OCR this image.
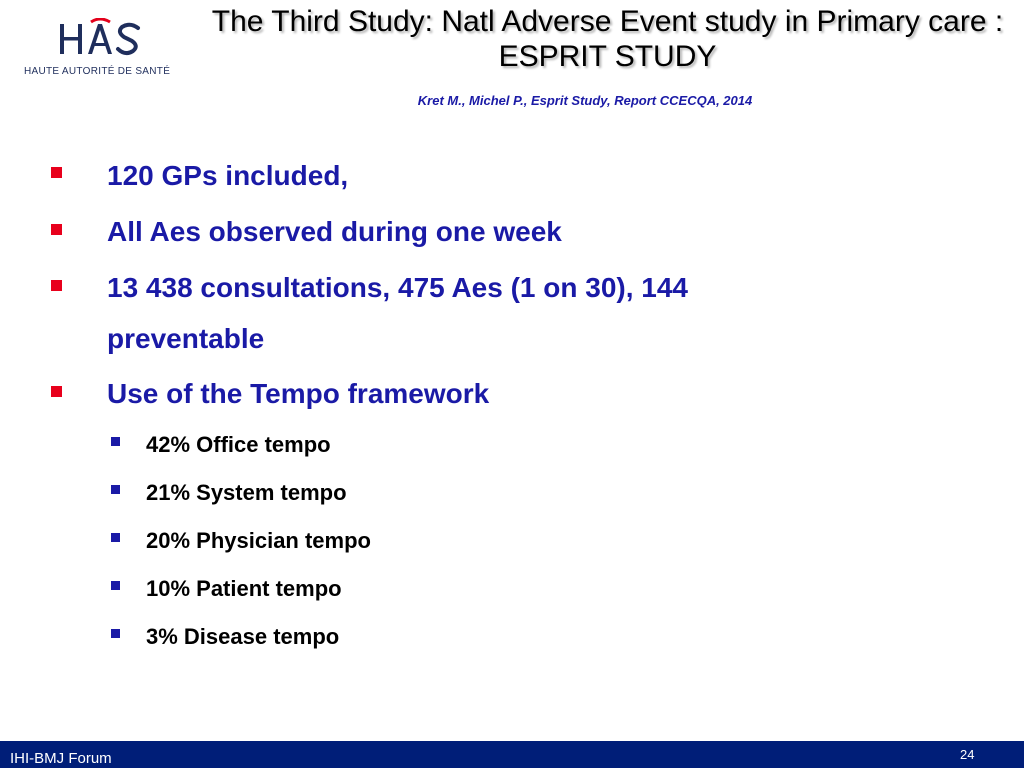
HAUTE AUTORITÉ DE SANTÉ
The Third Study: Natl Adverse Event study in Primary care : ESPRIT STUDY
Kret M., Michel P., Esprit Study, Report CCECQA, 2014
120 GPs included,
All Aes observed during one week
13 438 consultations, 475 Aes (1 on 30), 144 preventable
Use of the Tempo framework
42% Office tempo
21% System tempo
20% Physician tempo
10% Patient tempo
3% Disease tempo
IHI-BMJ Forum	24
